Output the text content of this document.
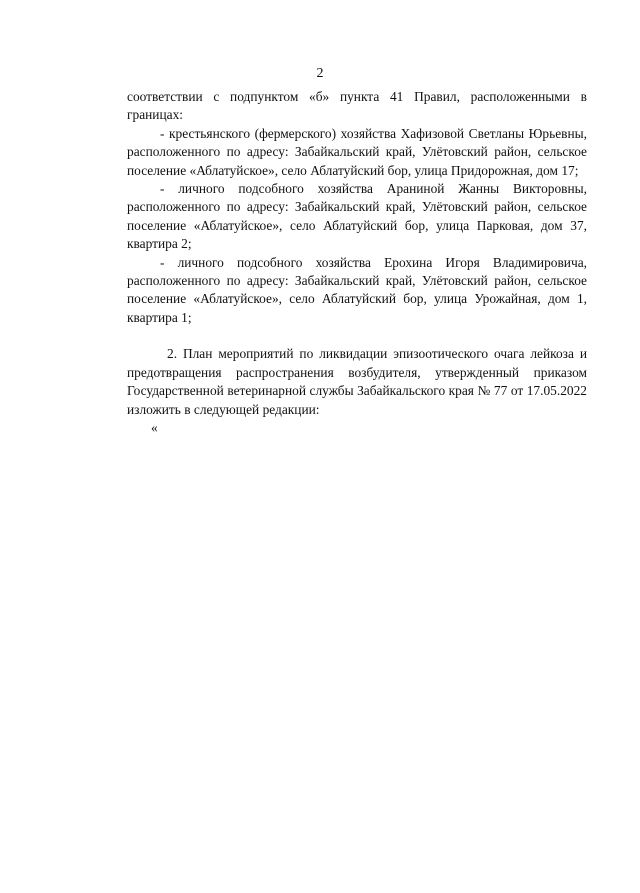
2

соответствии с подпунктом «б» пункта 41 Правил, расположенными в границах:

- крестьянского (фермерского) хозяйства Хафизовой Светланы Юрьевны, расположенного по адресу: Забайкальский край, Улётовский район, сельское поселение «Аблатуйское», село Аблатуйский бор, улица Придорожная, дом 17;

- личного подсобного хозяйства Араниной Жанны Викторовны, расположенного по адресу: Забайкальский край, Улётовский район, сельское поселение «Аблатуйское», село Аблатуйский бор, улица Парковая, дом 37, квартира 2;

- личного подсобного хозяйства Ерохина Игоря Владимировича, расположенного по адресу: Забайкальский край, Улётовский район, сельское поселение «Аблатуйское», село Аблатуйский бор, улица Урожайная, дом 1, квартира 1;

2. План мероприятий по ликвидации эпизоотического очага лейкоза и предотвращения распространения возбудителя, утвержденный приказом Государственной ветеринарной службы Забайкальского края № 77 от 17.05.2022 изложить в следующей редакции:

«
